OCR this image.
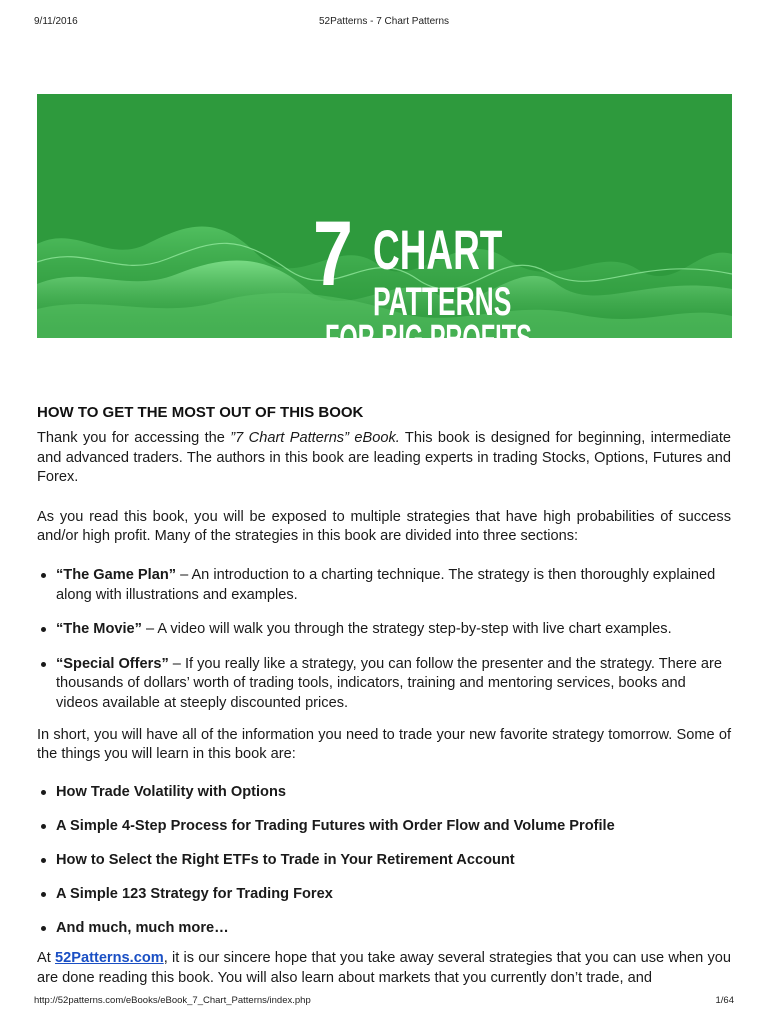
9/11/2016	52Patterns - 7 Chart Patterns
7 CHART
PATTERNS
FOR BIG PROFITS
IN ANY MARKET
HOW TO GET THE MOST OUT OF THIS BOOK

Thank you for accessing the ”7 Chart Patterns” eBook. This book is designed for beginning, intermediate and advanced traders. The authors in this book are leading experts in trading Stocks, Options, Futures and Forex.

As you read this book, you will be exposed to multiple strategies that have high probabilities of success and/or high profit. Many of the strategies in this book are divided into three sections:

“The Game Plan” – An introduction to a charting technique. The strategy is then thoroughly explained along with illustrations and examples.
“The Movie” – A video will walk you through the strategy step-by-step with live chart examples.
“Special Offers” – If you really like a strategy, you can follow the presenter and the strategy. There are thousands of dollars’ worth of trading tools, indicators, training and mentoring services, books and videos available at steeply discounted prices.

In short, you will have all of the information you need to trade your new favorite strategy tomorrow. Some of the things you will learn in this book are:

How Trade Volatility with Options
A Simple 4-Step Process for Trading Futures with Order Flow and Volume Profile
How to Select the Right ETFs to Trade in Your Retirement Account
A Simple 123 Strategy for Trading Forex
And much, much more…

At 52Patterns.com, it is our sincere hope that you take away several strategies that you can use when you are done reading this book. You will also learn about markets that you currently don’t trade, and

http://52patterns.com/eBooks/eBook_7_Chart_Patterns/index.php	1/64
